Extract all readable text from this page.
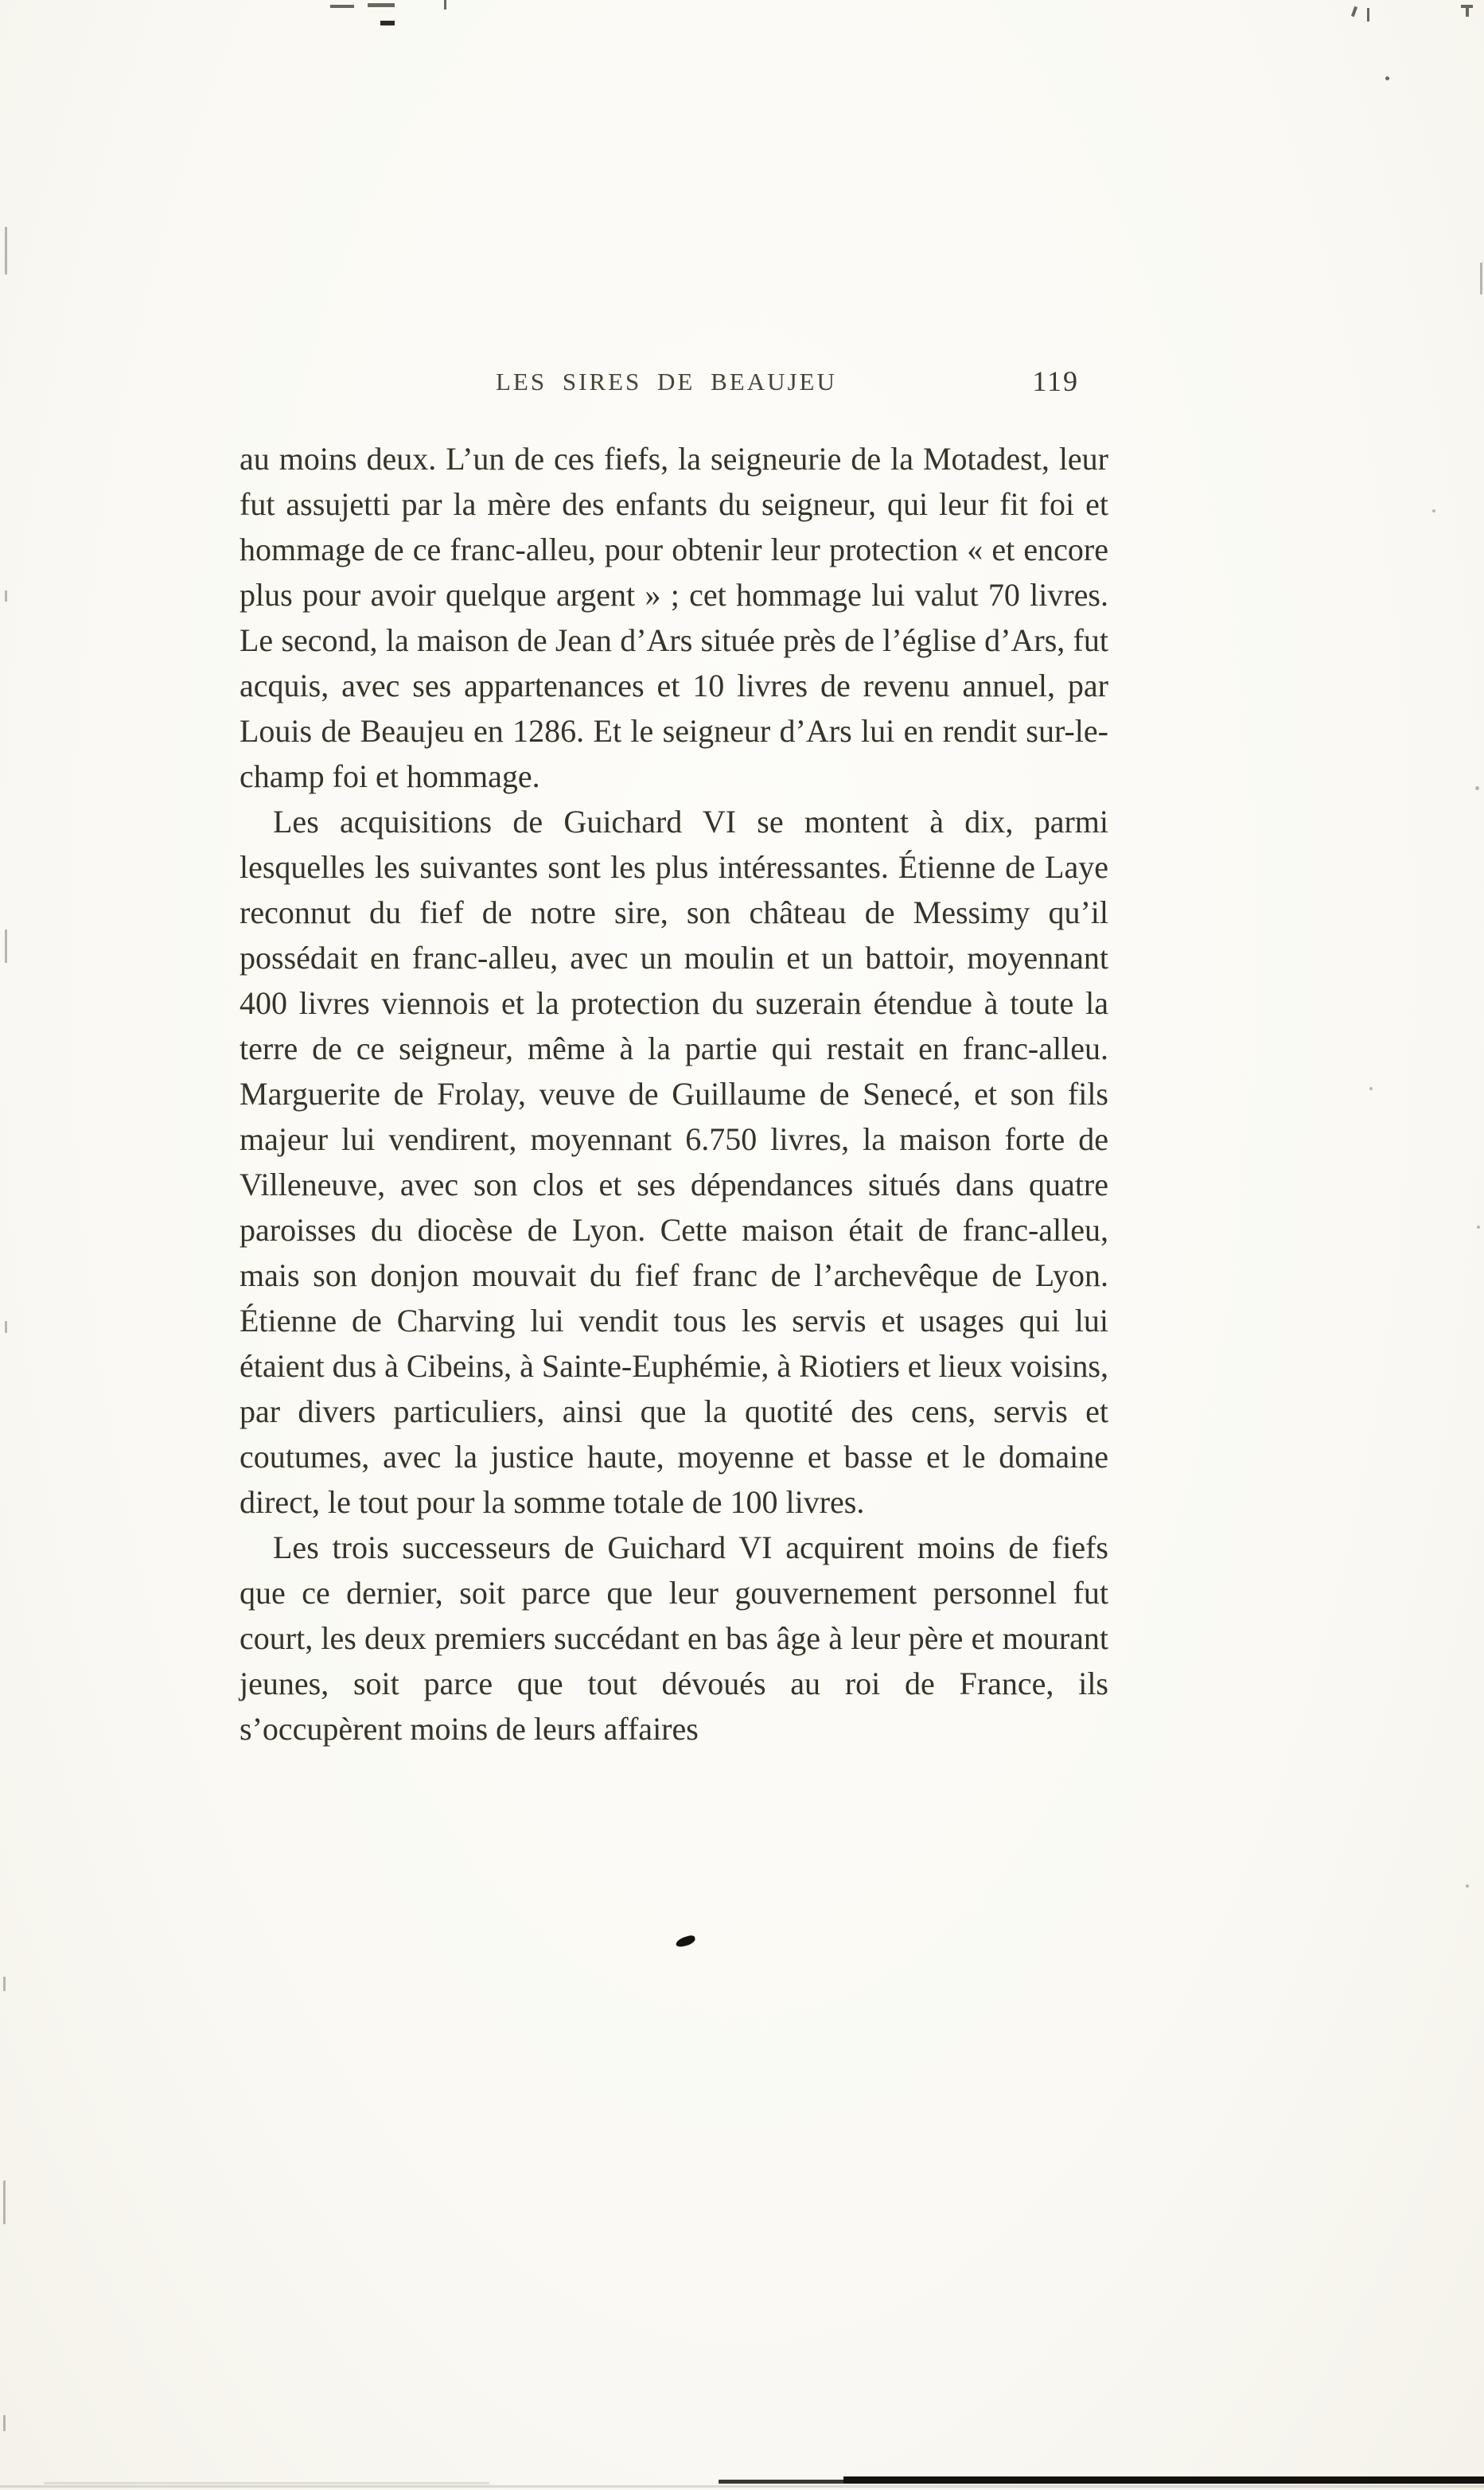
LES SIRES DE BEAUJEU	119

au moins deux. L’un de ces fiefs, la seigneurie de la Motadest, leur fut assujetti par la mère des enfants du seigneur, qui leur fit foi et hommage de ce franc-alleu, pour obtenir leur protection « et encore plus pour avoir quelque argent » ; cet hommage lui valut 70 livres. Le second, la maison de Jean d’Ars située près de l’église d’Ars, fut acquis, avec ses appartenances et 10 livres de revenu annuel, par Louis de Beaujeu en 1286. Et le seigneur d’Ars lui en rendit sur-le-champ foi et hommage.

Les acquisitions de Guichard VI se montent à dix, parmi lesquelles les suivantes sont les plus intéressantes. Étienne de Laye reconnut du fief de notre sire, son château de Messimy qu’il possédait en franc-alleu, avec un moulin et un battoir, moyennant 400 livres viennois et la protection du suzerain étendue à toute la terre de ce seigneur, même à la partie qui restait en franc-alleu. Marguerite de Frolay, veuve de Guillaume de Senecé, et son fils majeur lui vendirent, moyennant 6.750 livres, la maison forte de Villeneuve, avec son clos et ses dépendances situés dans quatre paroisses du diocèse de Lyon. Cette maison était de franc-alleu, mais son donjon mouvait du fief franc de l’archevêque de Lyon. Étienne de Charving lui vendit tous les servis et usages qui lui étaient dus à Cibeins, à Sainte-Euphémie, à Riotiers et lieux voisins, par divers particuliers, ainsi que la quotité des cens, servis et coutumes, avec la justice haute, moyenne et basse et le domaine direct, le tout pour la somme totale de 100 livres.

Les trois successeurs de Guichard VI acquirent moins de fiefs que ce dernier, soit parce que leur gouvernement personnel fut court, les deux premiers succédant en bas âge à leur père et mourant jeunes, soit parce que tout dévoués au roi de France, ils s’occupèrent moins de leurs affaires
